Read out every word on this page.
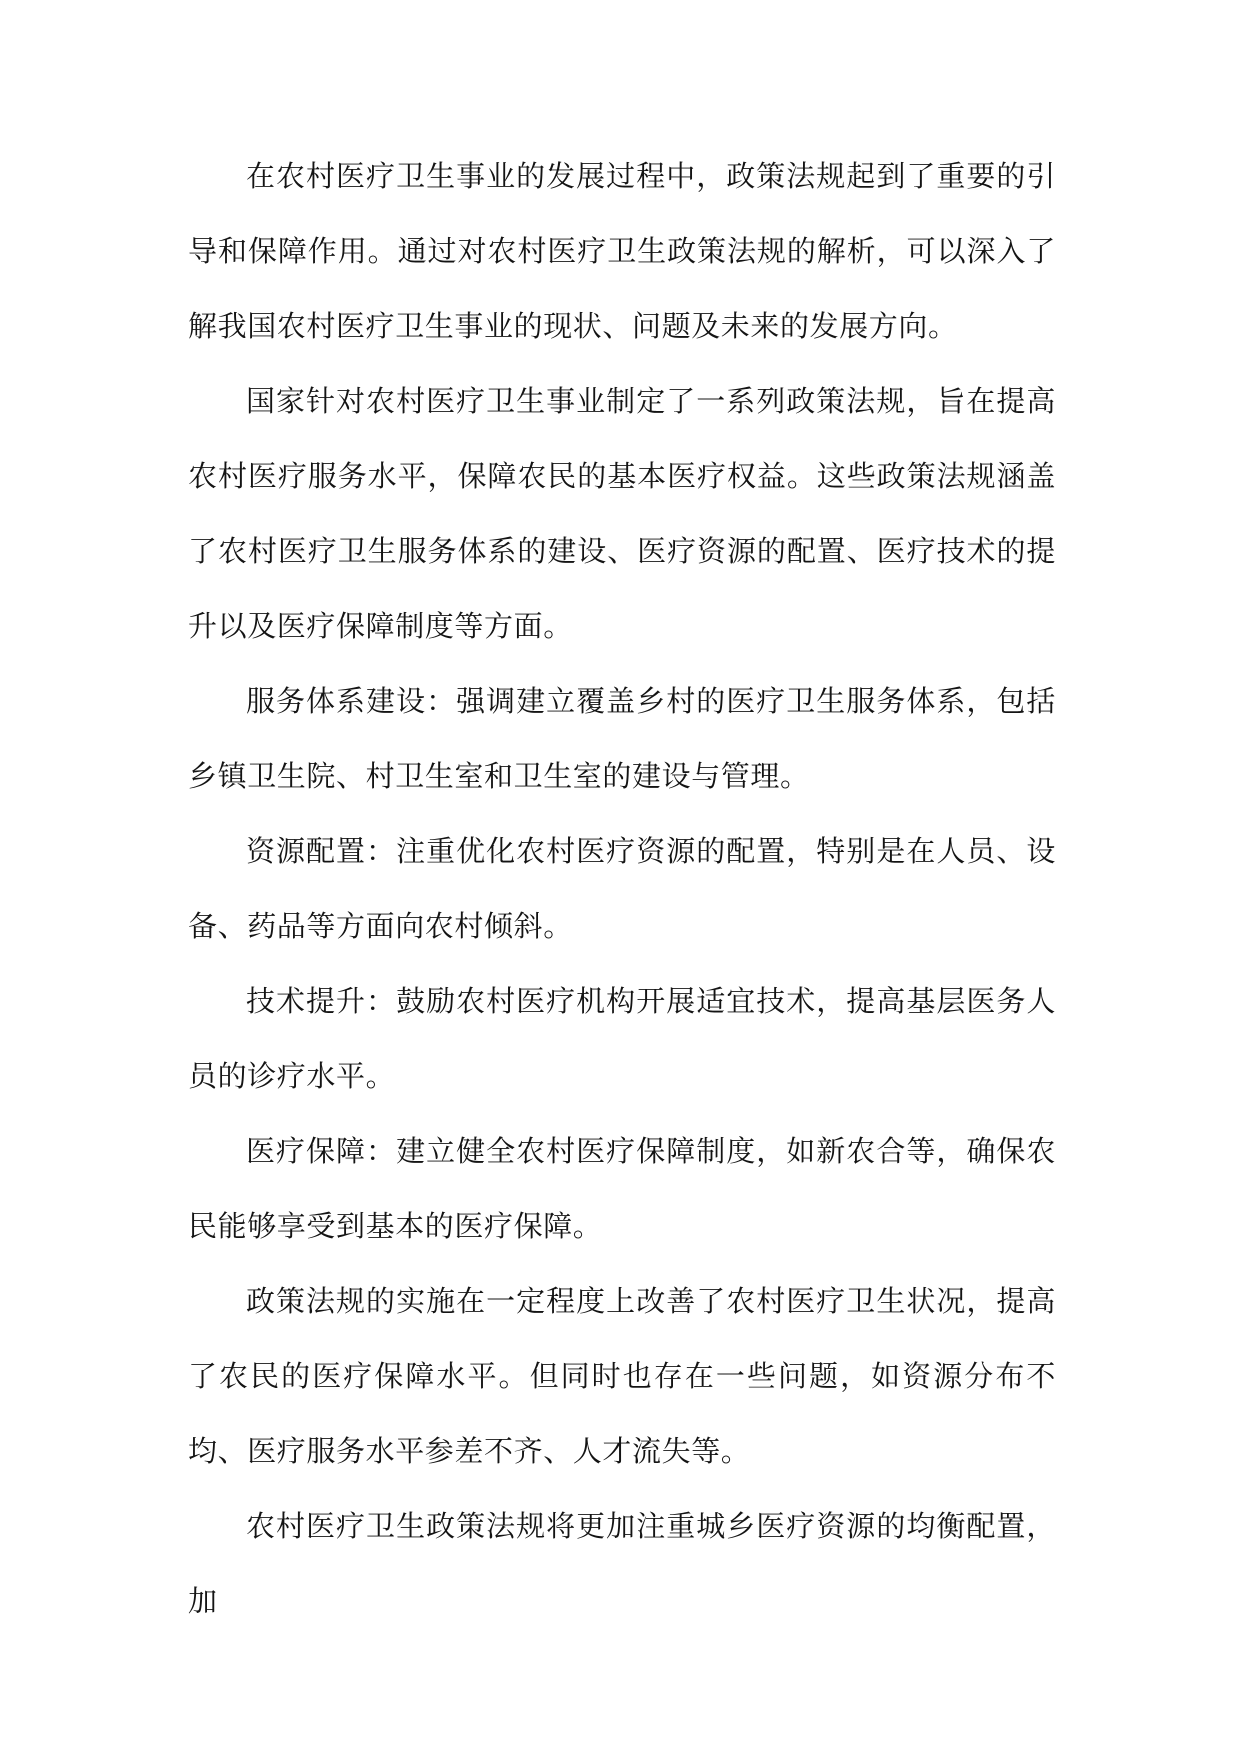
在农村医疗卫生事业的发展过程中，政策法规起到了重要的引导和保障作用。通过对农村医疗卫生政策法规的解析，可以深入了解我国农村医疗卫生事业的现状、问题及未来的发展方向。

国家针对农村医疗卫生事业制定了一系列政策法规，旨在提高农村医疗服务水平，保障农民的基本医疗权益。这些政策法规涵盖了农村医疗卫生服务体系的建设、医疗资源的配置、医疗技术的提升以及医疗保障制度等方面。

服务体系建设：强调建立覆盖乡村的医疗卫生服务体系，包括乡镇卫生院、村卫生室和卫生室的建设与管理。

资源配置：注重优化农村医疗资源的配置，特别是在人员、设备、药品等方面向农村倾斜。

技术提升：鼓励农村医疗机构开展适宜技术，提高基层医务人员的诊疗水平。

医疗保障：建立健全农村医疗保障制度，如新农合等，确保农民能够享受到基本的医疗保障。

政策法规的实施在一定程度上改善了农村医疗卫生状况，提高了农民的医疗保障水平。但同时也存在一些问题，如资源分布不均、医疗服务水平参差不齐、人才流失等。

农村医疗卫生政策法规将更加注重城乡医疗资源的均衡配置，加
